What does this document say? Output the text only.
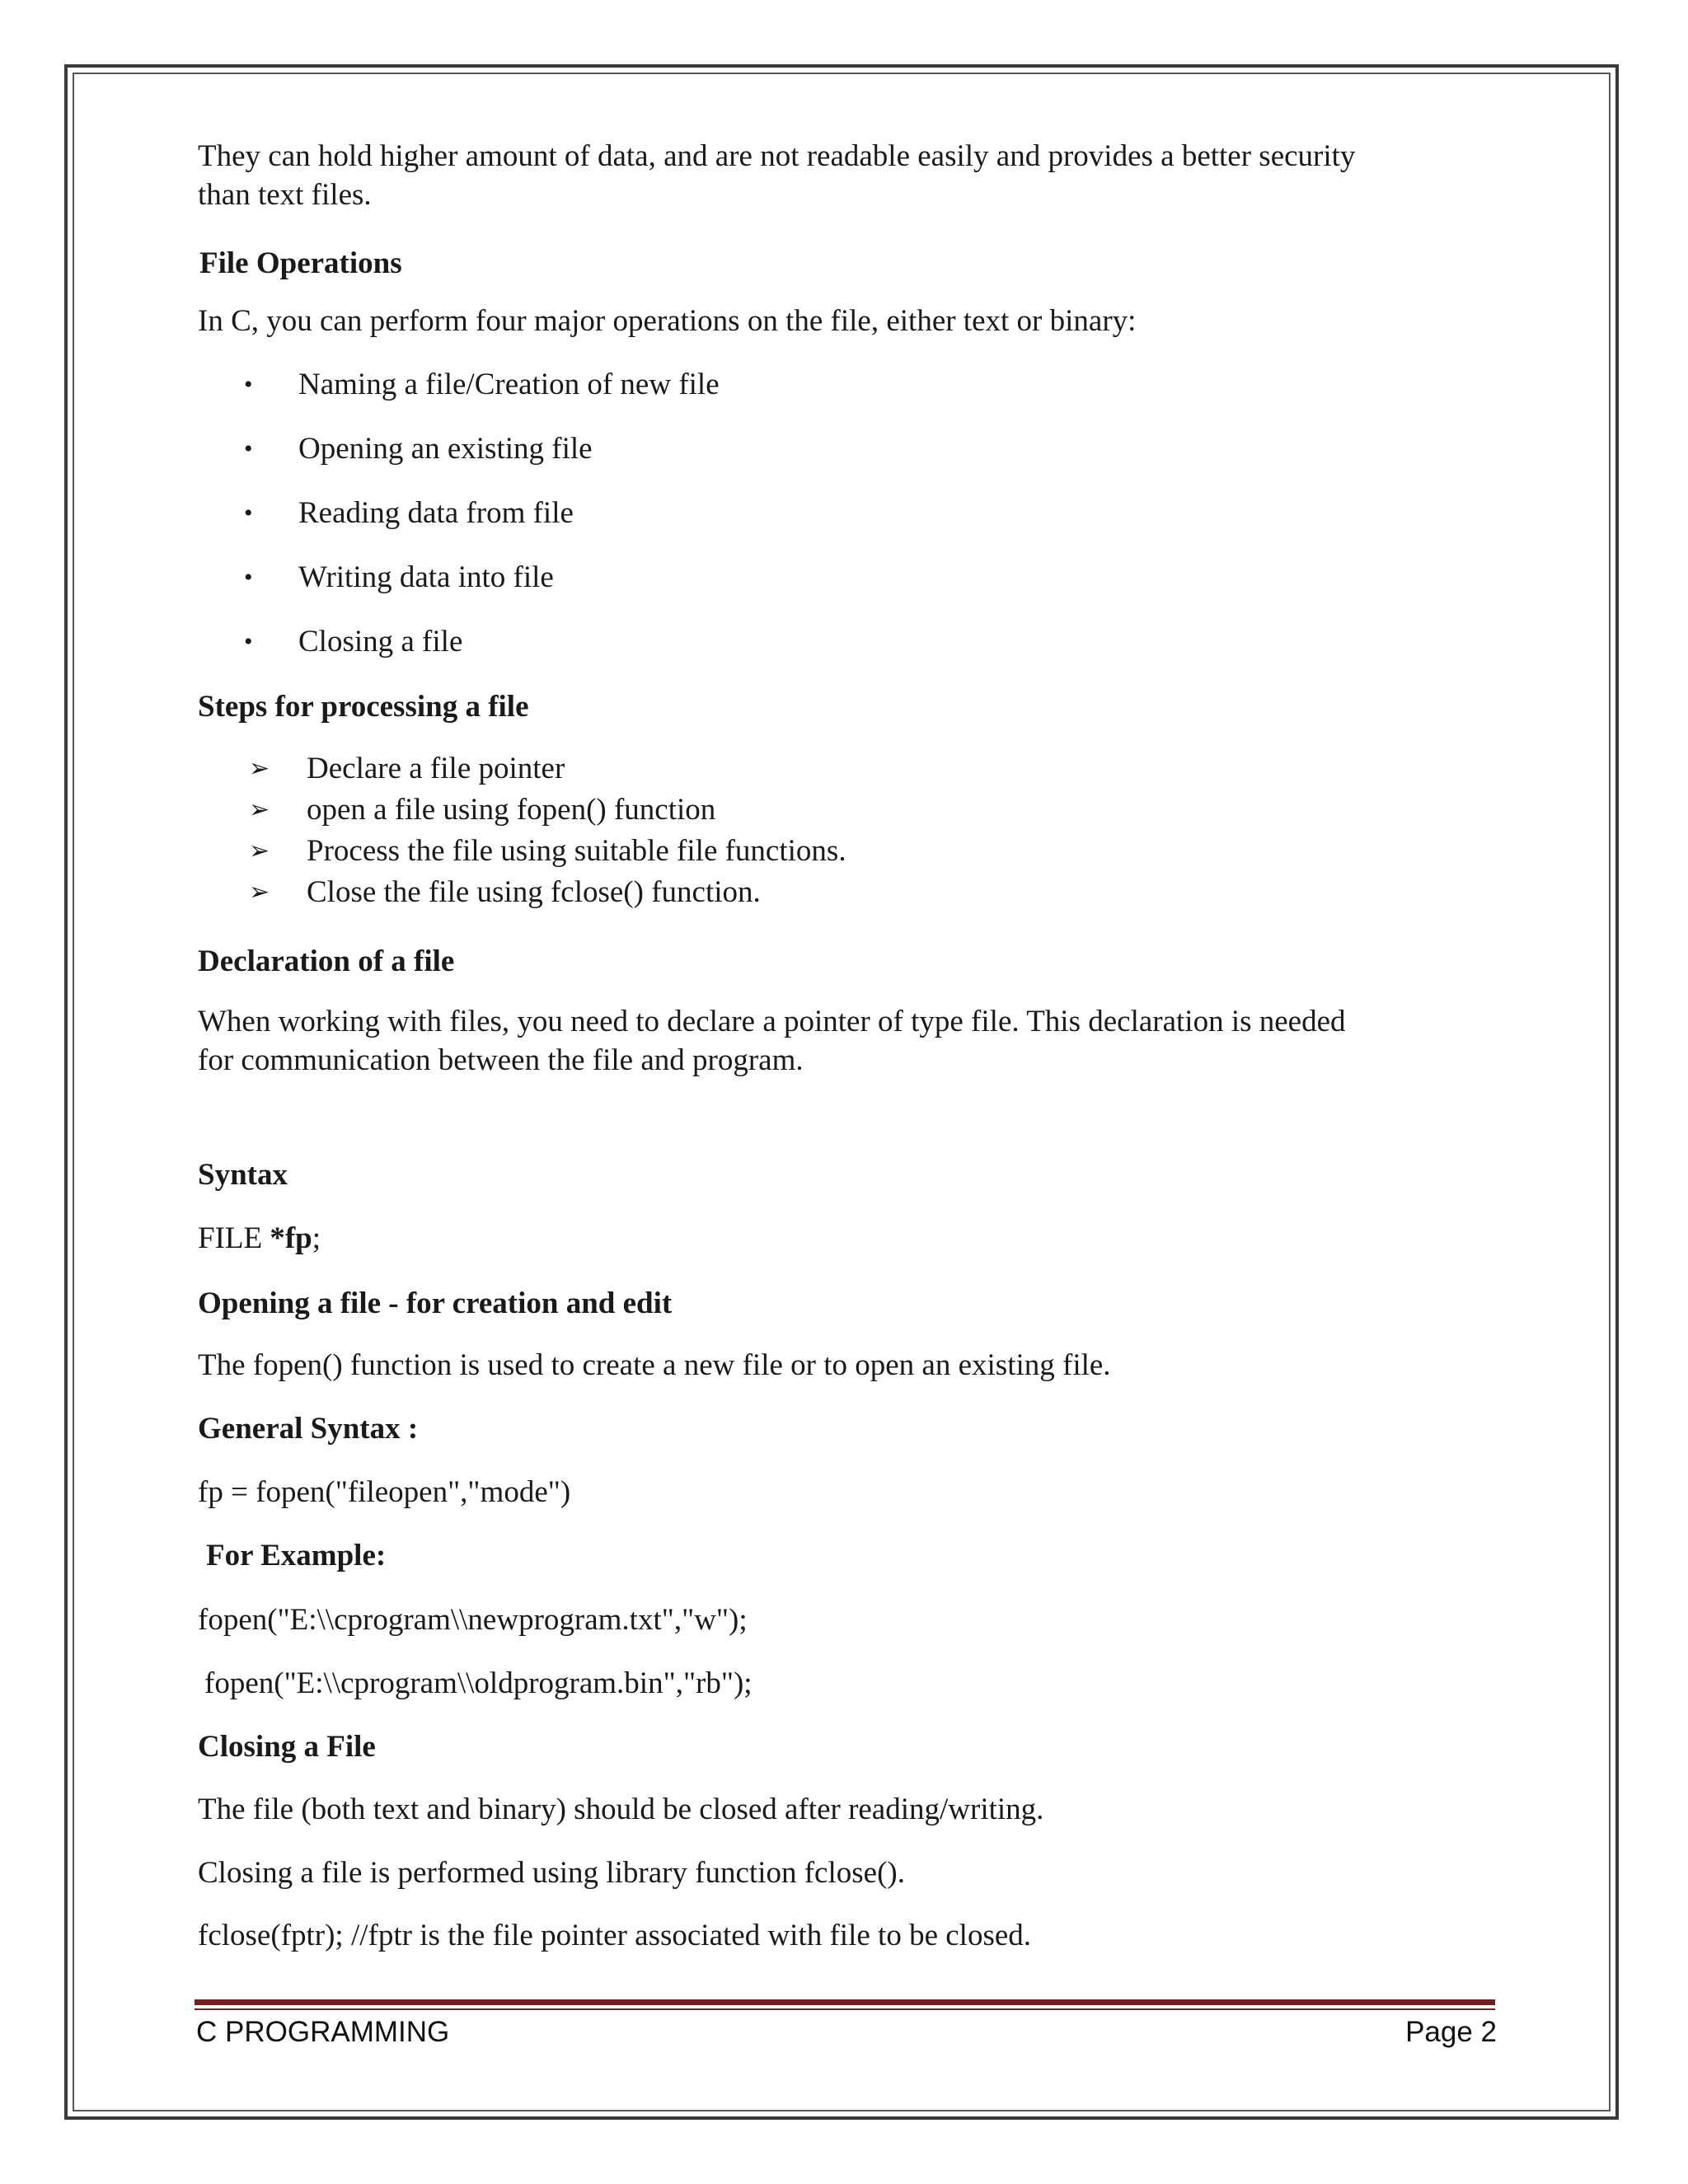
They can hold higher amount of data, and are not readable easily and provides a better security
than text files.

File Operations

In C, you can perform four major operations on the file, either text or binary:

• Naming a file/Creation of new file
• Opening an existing file
• Reading data from file
• Writing data into file
• Closing a file

Steps for processing a file

➢ Declare a file pointer
➢ open a file using fopen() function
➢ Process the file using suitable file functions.
➢ Close the file using fclose() function.

Declaration of a file

When working with files, you need to declare a pointer of type file. This declaration is needed
for communication between the file and program.

Syntax

FILE *fp;

Opening a file - for creation and edit

The fopen() function is used to create a new file or to open an existing file.

General Syntax :

fp = fopen("fileopen","mode")

For Example:

fopen("E:\\cprogram\\newprogram.txt","w");

fopen("E:\\cprogram\\oldprogram.bin","rb");

Closing a File

The file (both text and binary) should be closed after reading/writing.

Closing a file is performed using library function fclose().

fclose(fptr); //fptr is the file pointer associated with file to be closed.

C PROGRAMMING	Page 2
